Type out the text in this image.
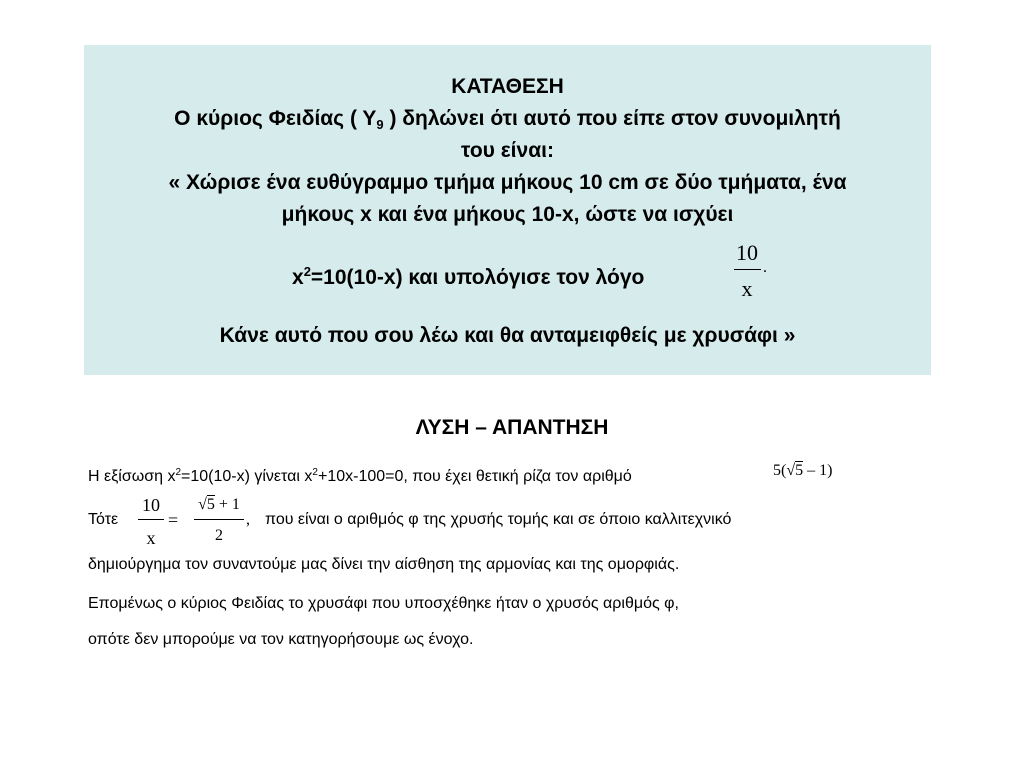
ΚΑΤΑΘΕΣΗ
Ο κύριος Φειδίας ( $\Upsilon_9$ ) δηλώνει ότι αυτό που είπε στον συνομιλητή
του είναι:
« Χώρισε ένα ευθύγραμμο τμήμα μήκους 10 cm σε δύο τμήματα, ένα
μήκους x και ένα μήκους 10-x, ώστε να ισχύει
$x^2=10(10-x)$ και υπολόγισε τον λόγο
10
x
.
Κάνε αυτό που σου λέω και θα ανταμειφθείς με χρυσάφι »
ΛΥΣΗ – ΑΠΑΝΤΗΣΗ
Η εξίσωση $x^2=10(10-x)$ γίνεται $x^2+10x-100=0$, που έχει θετική ρίζα τον αριθμό	5(√5 – 1)
Τότε
10
x
=
√5 + 1
2
, που είναι ο αριθμός φ της χρυσής τομής και σε όποιο καλλιτεχνικό
δημιούργημα τον συναντούμε μας δίνει την αίσθηση της αρμονίας και της ομορφιάς.
Επομένως ο κύριος Φειδίας το χρυσάφι που υποσχέθηκε ήταν ο χρυσός αριθμός φ,
οπότε δεν μπορούμε να τον κατηγορήσουμε ως ένοχο.
